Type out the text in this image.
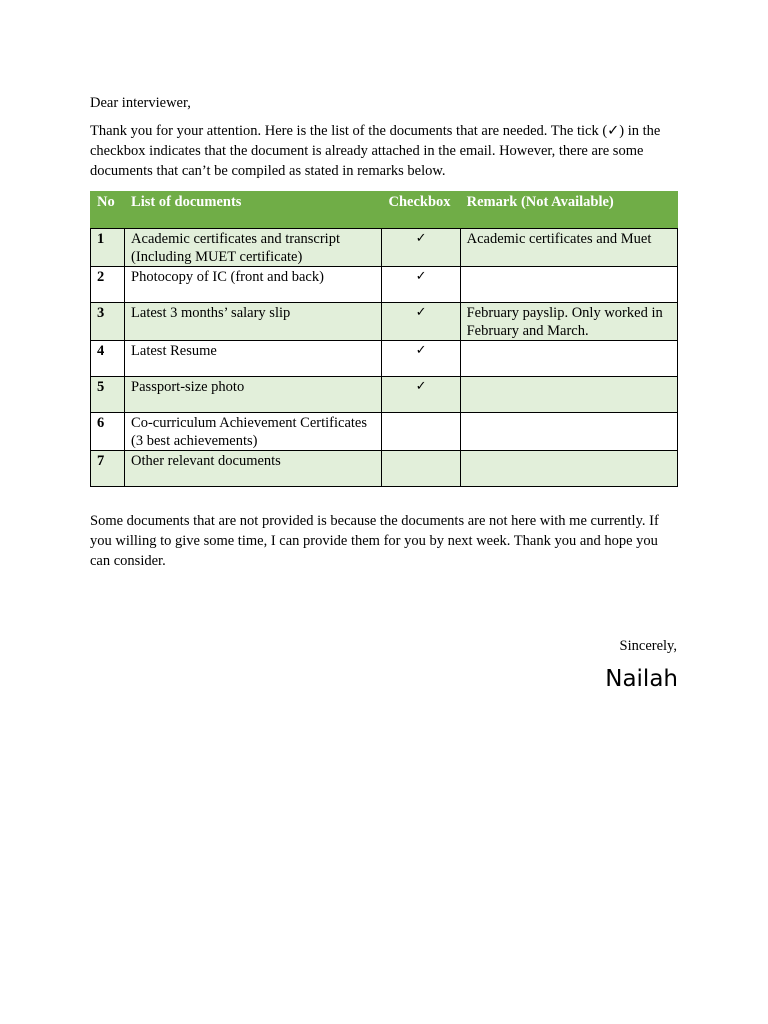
Dear interviewer,
Thank you for your attention. Here is the list of the documents that are needed. The tick (✓) in the checkbox indicates that the document is already attached in the email. However, there are some documents that can’t be compiled as stated in remarks below.
No	List of documents	Checkbox	Remark (Not Available)
1	Academic certificates and transcript (Including MUET certificate)	✓	Academic certificates and Muet
2	Photocopy of IC (front and back)	✓	
3	Latest 3 months’ salary slip	✓	February payslip. Only worked in February and March.
4	Latest Resume	✓	
5	Passport-size photo	✓	
6	Co-curriculum Achievement Certificates (3 best achievements)		
7	Other relevant documents		
Some documents that are not provided is because the documents are not here with me currently. If you willing to give some time, I can provide them for you by next week. Thank you and hope you can consider.
Sincerely,
Nailah
